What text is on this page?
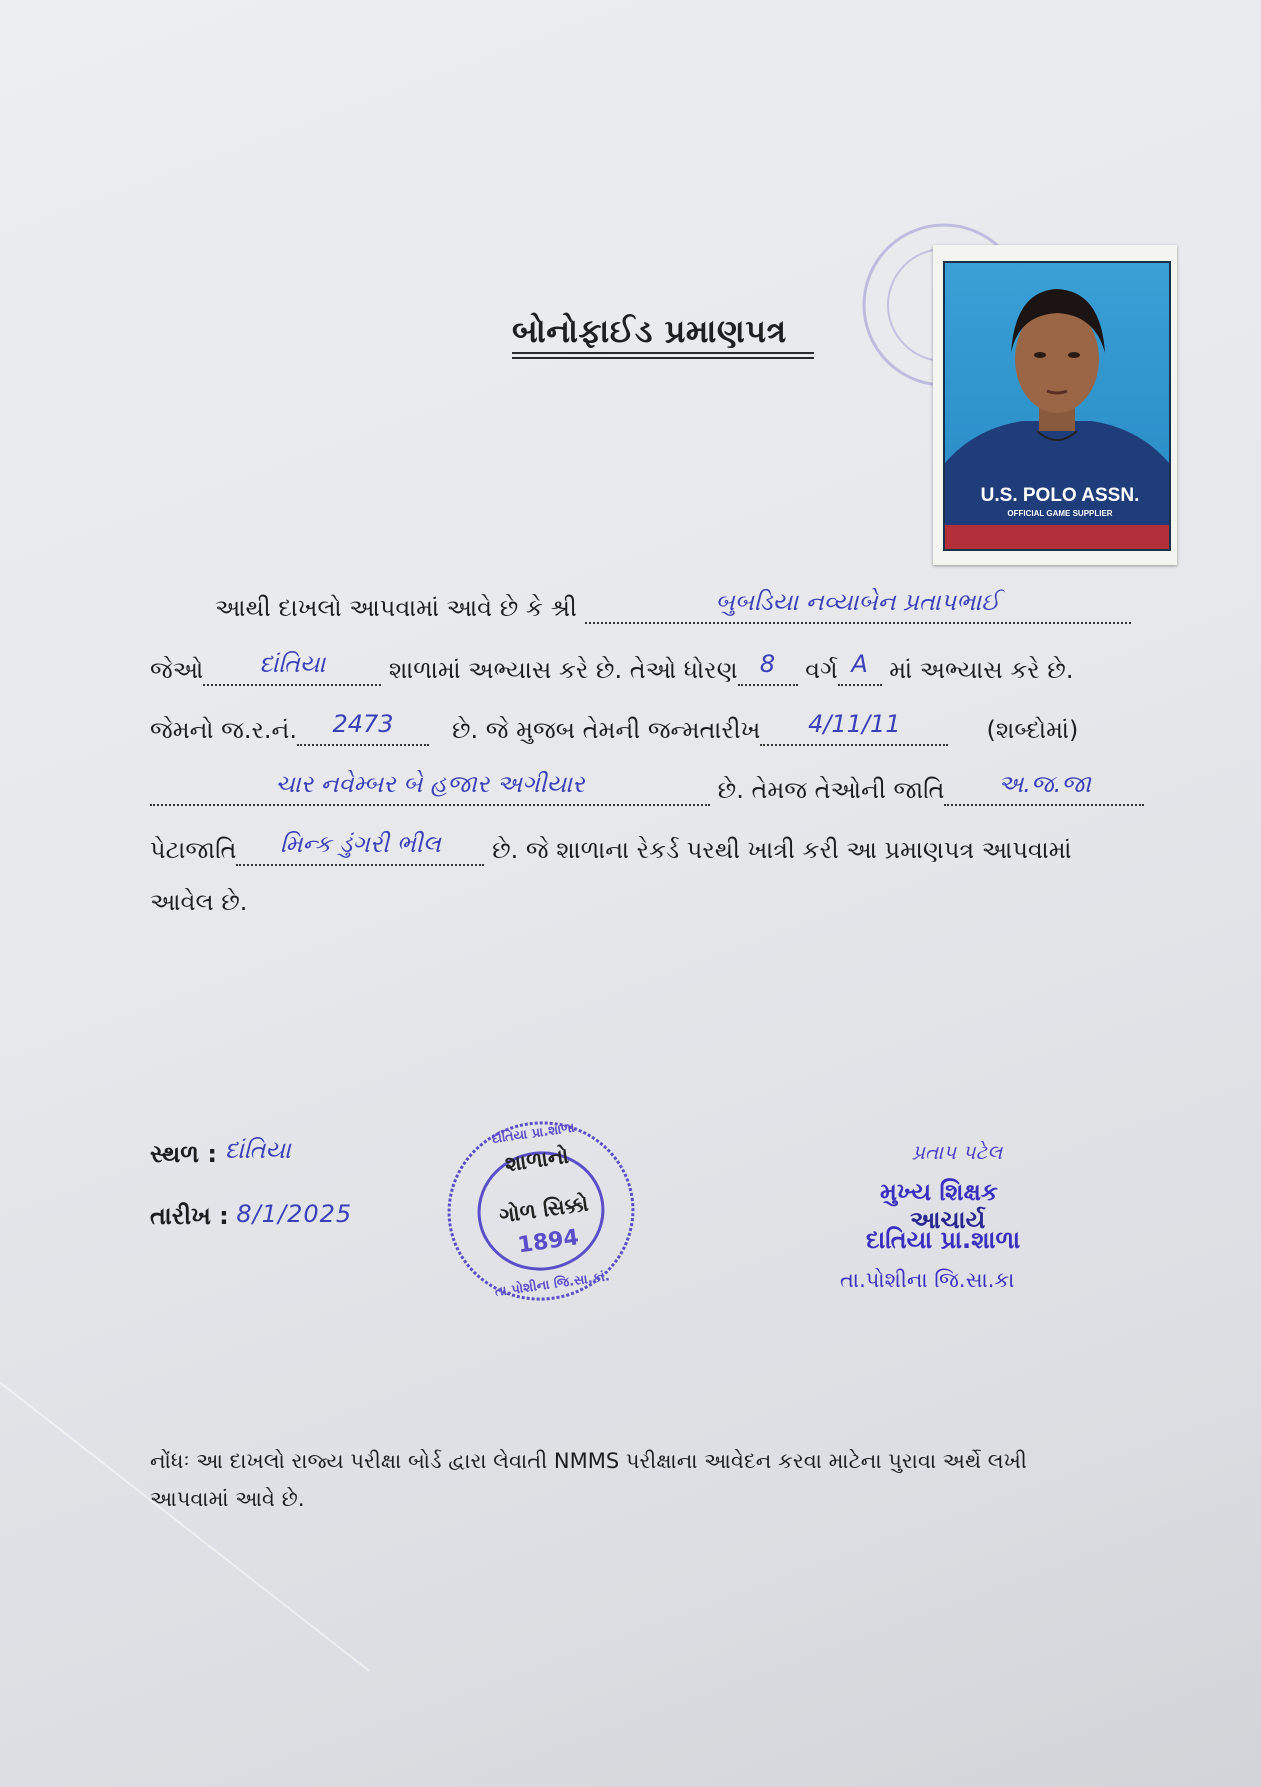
બોનોફાઈડ પ્રમાણપત્ર
U.S. POLO ASSN.
OFFICIAL GAME SUPPLIER
આથી દાખલો આપવામાં આવે છે કે શ્રી	બુબડિયા નવ્યાબેન પ્રતાપભાઈ
જેઓ દાંતિયા	શાળામાં અભ્યાસ કરે છે. તેઓ ધોરણ 8 વર્ગ A માં અભ્યાસ કરે છે.
જેમનો જ.ર.નં. 2473 છે. જે મુજબ તેમની જન્મતારીખ 4/11/11	(શબ્દોમાં)
ચાર નવેમ્બર બે હજાર અગીયાર	છે. તેમજ તેઓની જાતિ અ.જ.જા
પેટાજાતિ મિન્ક ડુંગરી ભીલ છે. જે શાળાના રેકર્ડ પરથી ખાત્રી કરી આ પ્રમાણપત્ર આપવામાં
આવેલ છે.
સ્થળ : દાંતિયા
તારીખ : 8/1/2025
દાંતિયા પ્રા.શાળા
તા.પોશીના જિ.સા.કાં.
શાળાનો
ગોળ સિક્કો
1894
પ્રતાપ પટેલ
મુખ્ય શિક્ષક
આચાર્ય
દાતિયા પ્રા.શાળા
તા.પોશીના જિ.સા.કા
નોંધઃ આ દાખલો રાજ્ય પરીક્ષા બોર્ડ દ્વારા લેવાતી NMMS પરીક્ષાના આવેદન કરવા માટેના પુરાવા અર્થે લખી
આપવામાં આવે છે.
